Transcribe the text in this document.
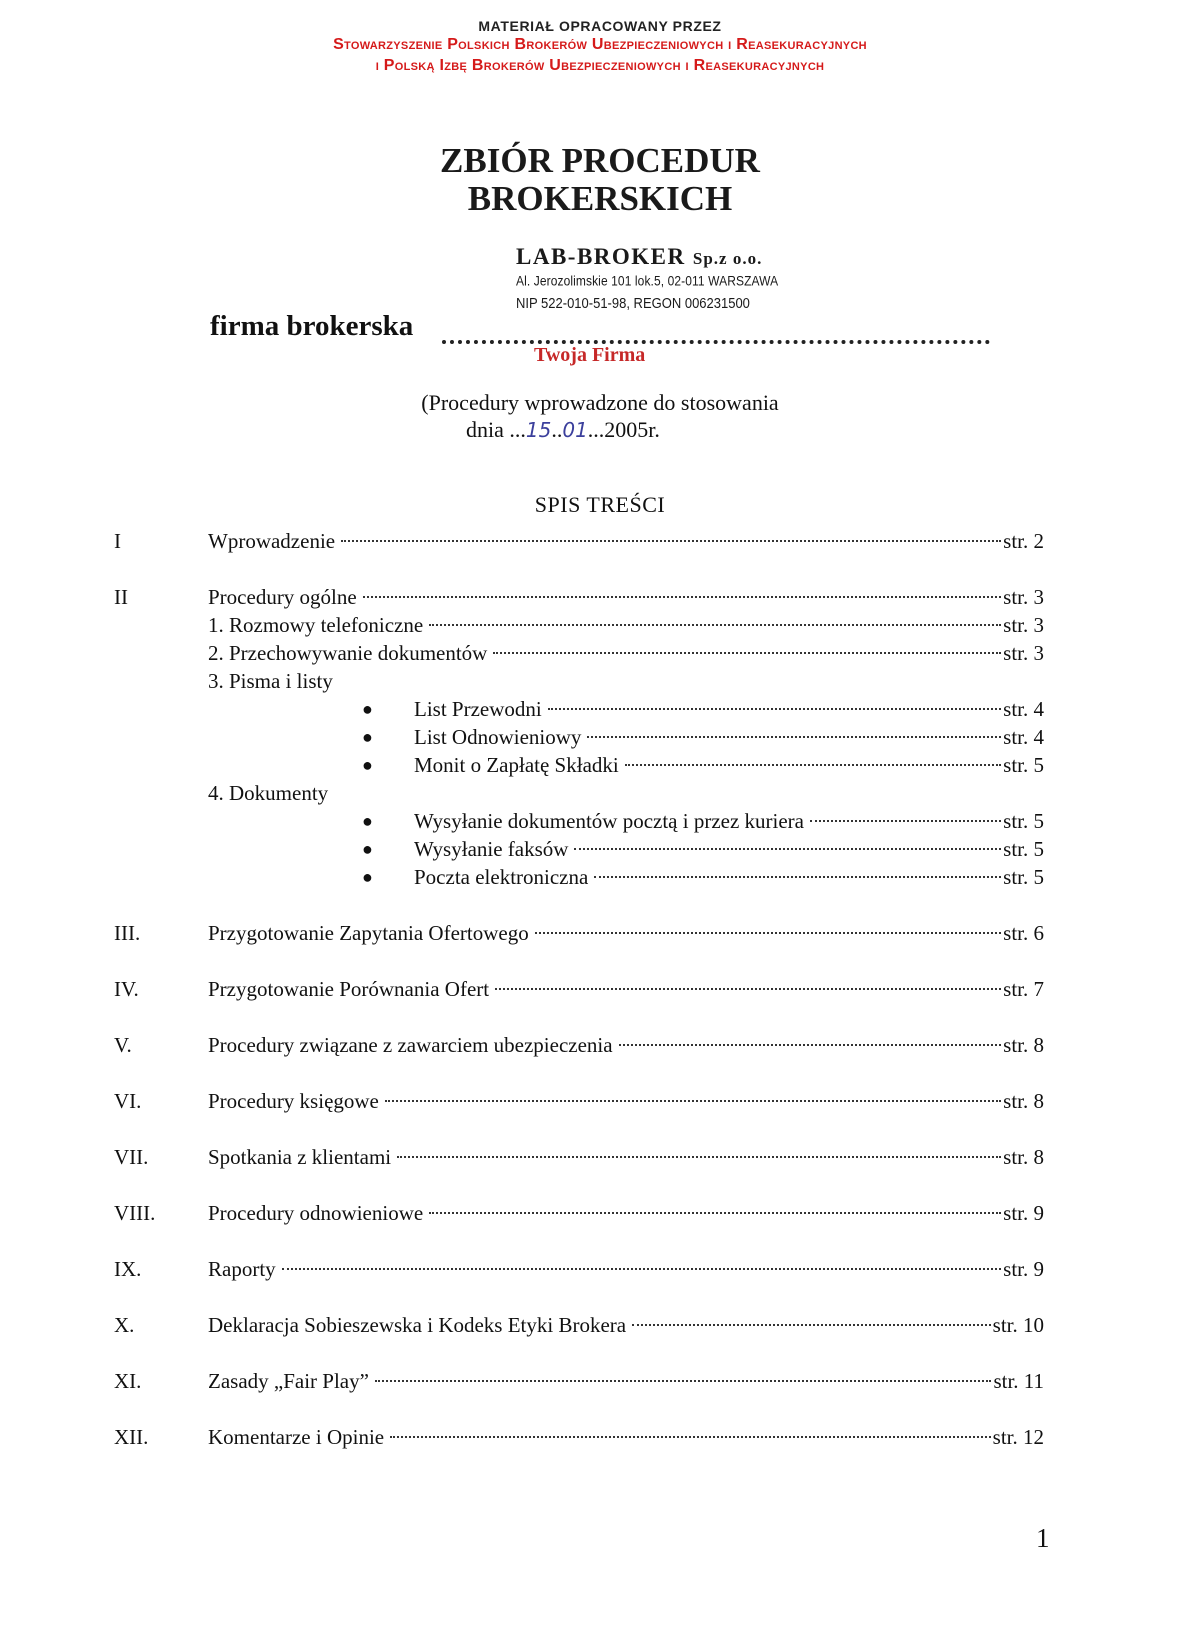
MATERIAŁ OPRACOWANY PRZEZ
Stowarzyszenie Polskich Brokerów Ubezpieczeniowych i Reasekuracyjnych
i Polską Izbę Brokerów Ubezpieczeniowych i Reasekuracyjnych
ZBIÓR PROCEDUR
BROKERSKICH
LAB-BROKER Sp.z o.o.
Al. Jerozolimskie 101 lok.5, 02-011 WARSZAWA
NIP 522-010-51-98, REGON 006231500
firma brokerska
Twoja Firma
(Procedury wprowadzone do stosowania
dnia ...15..01...2005r.
SPIS TREŚCI
I	Wprowadzenie	str. 2
II	Procedury ogólne	str. 3
1. Rozmowy telefoniczne	str. 3
2. Przechowywanie dokumentów	str. 3
3. Pisma i listy
● List Przewodni	str. 4
● List Odnowieniowy	str. 4
● Monit o Zapłatę Składki	str. 5
4. Dokumenty
● Wysyłanie dokumentów pocztą i przez kuriera	str. 5
● Wysyłanie faksów	str. 5
● Poczta elektroniczna	str. 5
III.	Przygotowanie Zapytania Ofertowego	str. 6
IV.	Przygotowanie Porównania Ofert	str. 7
V.	Procedury związane z zawarciem ubezpieczenia	str. 8
VI.	Procedury księgowe	str. 8
VII.	Spotkania z klientami	str. 8
VIII.	Procedury odnowieniowe	str. 9
IX.	Raporty	str. 9
X.	Deklaracja Sobieszewska i Kodeks Etyki Brokera	str. 10
XI.	Zasady „Fair Play”	str. 11
XII.	Komentarze i Opinie	str. 12
1
